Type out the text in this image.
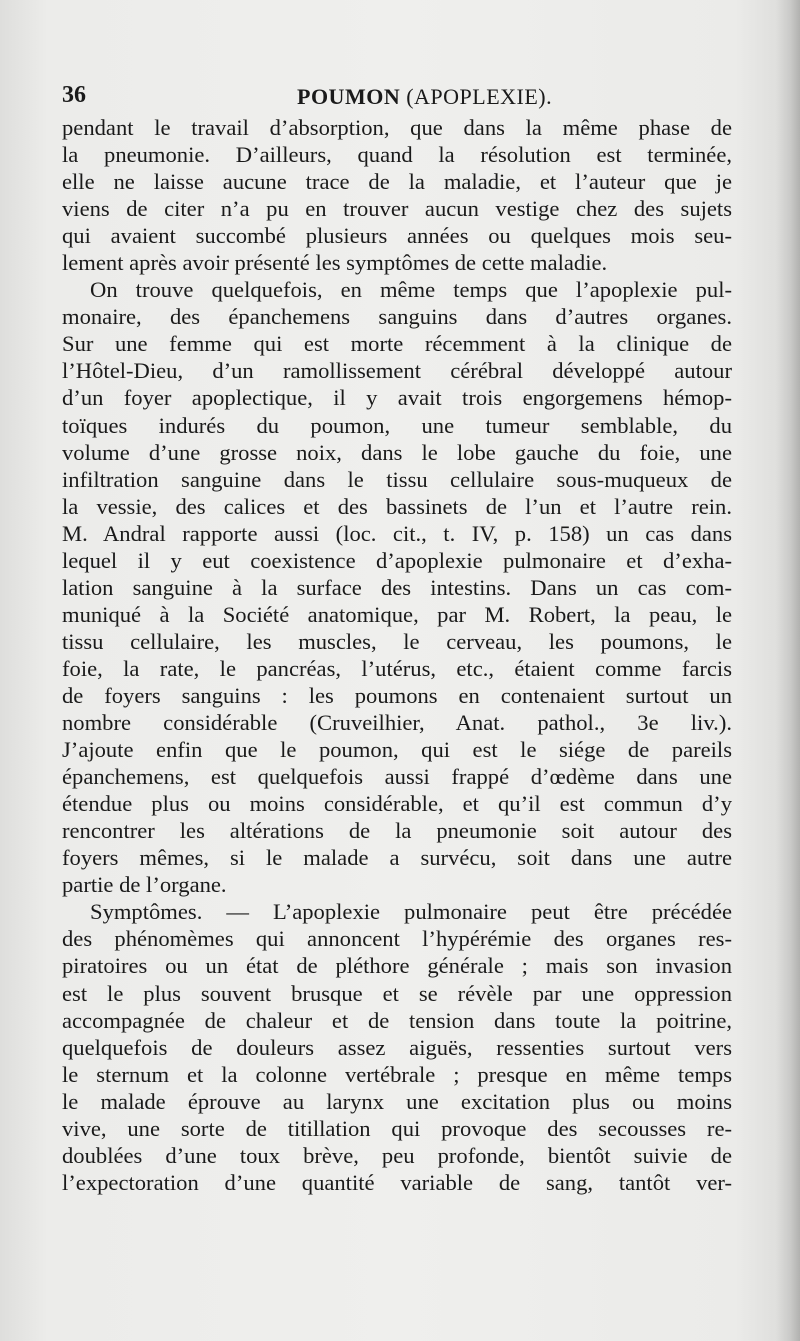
36	POUMON (APOPLEXIE).
pendant le travail d’absorption, que dans la même phase de
la pneumonie. D’ailleurs, quand la résolution est terminée,
elle ne laisse aucune trace de la maladie, et l’auteur que je
viens de citer n’a pu en trouver aucun vestige chez des sujets
qui avaient succombé plusieurs années ou quelques mois seu-
lement après avoir présenté les symptômes de cette maladie.
On trouve quelquefois, en même temps que l’apoplexie pul-
monaire, des épanchemens sanguins dans d’autres organes.
Sur une femme qui est morte récemment à la clinique de
l’Hôtel-Dieu, d’un ramollissement cérébral développé autour
d’un foyer apoplectique, il y avait trois engorgemens hémop-
toïques indurés du poumon, une tumeur semblable, du
volume d’une grosse noix, dans le lobe gauche du foie, une
infiltration sanguine dans le tissu cellulaire sous-muqueux de
la vessie, des calices et des bassinets de l’un et l’autre rein.
M. Andral rapporte aussi (loc. cit., t. IV, p. 158) un cas dans
lequel il y eut coexistence d’apoplexie pulmonaire et d’exha-
lation sanguine à la surface des intestins. Dans un cas com-
muniqué à la Société anatomique, par M. Robert, la peau, le
tissu cellulaire, les muscles, le cerveau, les poumons, le
foie, la rate, le pancréas, l’utérus, etc., étaient comme farcis
de foyers sanguins : les poumons en contenaient surtout un
nombre considérable (Cruveilhier, Anat. pathol., 3e liv.).
J’ajoute enfin que le poumon, qui est le siége de pareils
épanchemens, est quelquefois aussi frappé d’œdème dans une
étendue plus ou moins considérable, et qu’il est commun d’y
rencontrer les altérations de la pneumonie soit autour des
foyers mêmes, si le malade a survécu, soit dans une autre
partie de l’organe.
Symptômes. — L’apoplexie pulmonaire peut être précédée
des phénomèmes qui annoncent l’hypérémie des organes res-
piratoires ou un état de pléthore générale ; mais son invasion
est le plus souvent brusque et se révèle par une oppression
accompagnée de chaleur et de tension dans toute la poitrine,
quelquefois de douleurs assez aiguës, ressenties surtout vers
le sternum et la colonne vertébrale ; presque en même temps
le malade éprouve au larynx une excitation plus ou moins
vive, une sorte de titillation qui provoque des secousses re-
doublées d’une toux brève, peu profonde, bientôt suivie de
l’expectoration d’une quantité variable de sang, tantôt ver-
